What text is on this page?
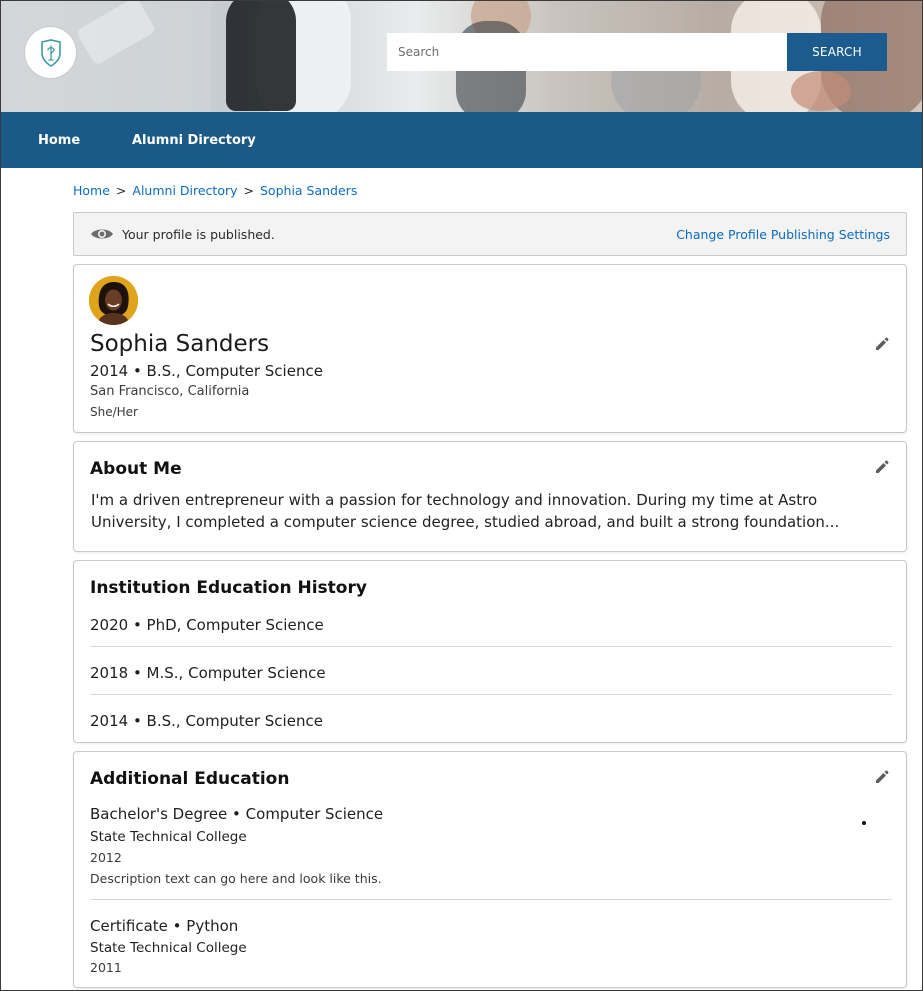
Search
SEARCH
Home	Alumni Directory
Home > Alumni Directory > Sophia Sanders
Your profile is published.	Change Profile Publishing Settings
Sophia Sanders
2014 • B.S., Computer Science
San Francisco, California
She/Her
About Me
I'm a driven entrepreneur with a passion for technology and innovation. During my time at Astro University, I completed a computer science degree, studied abroad, and built a strong foundation...
Institution Education History
2020 • PhD, Computer Science
2018 • M.S., Computer Science
2014 • B.S., Computer Science
Additional Education
Bachelor's Degree • Computer Science
State Technical College
2012
Description text can go here and look like this.
Certificate • Python
State Technical College
2011
